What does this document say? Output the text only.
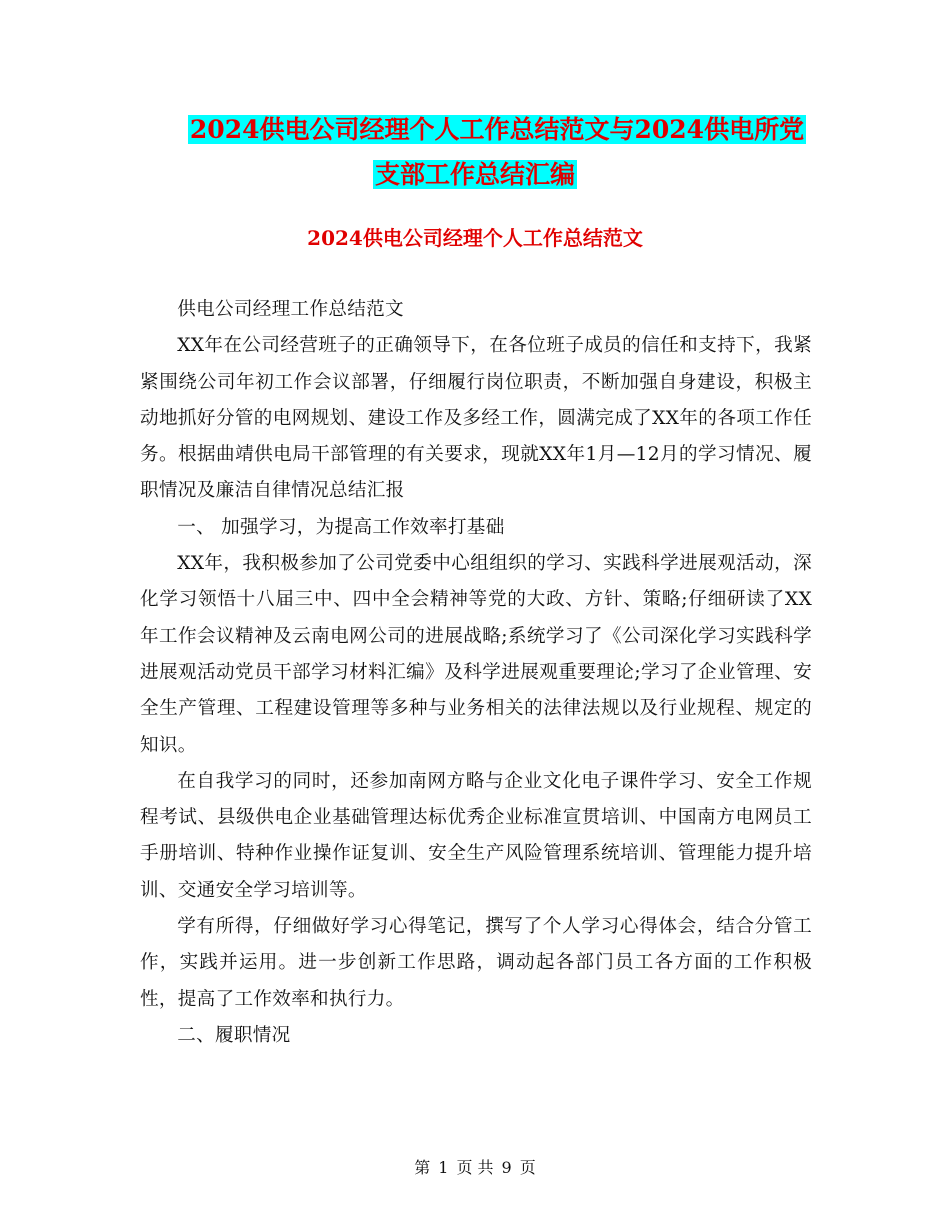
2024供电公司经理个人工作总结范文与2024供电所党
支部工作总结汇编
2024供电公司经理个人工作总结范文

供电公司经理工作总结范文

XX年在公司经营班子的正确领导下，在各位班子成员的信任和支持下，我紧紧围绕公司年初工作会议部署，仔细履行岗位职责，不断加强自身建设，积极主动地抓好分管的电网规划、建设工作及多经工作，圆满完成了XX年的各项工作任务。根据曲靖供电局干部管理的有关要求，现就XX年1月—12月的学习情况、履职情况及廉洁自律情况总结汇报

一、 加强学习，为提高工作效率打基础

XX年，我积极参加了公司党委中心组组织的学习、实践科学进展观活动，深化学习领悟十八届三中、四中全会精神等党的大政、方针、策略;仔细研读了XX年工作会议精神及云南电网公司的进展战略;系统学习了《公司深化学习实践科学进展观活动党员干部学习材料汇编》及科学进展观重要理论;学习了企业管理、安全生产管理、工程建设管理等多种与业务相关的法律法规以及行业规程、规定的知识。

在自我学习的同时，还参加南网方略与企业文化电子课件学习、安全工作规程考试、县级供电企业基础管理达标优秀企业标准宣贯培训、中国南方电网员工手册培训、特种作业操作证复训、安全生产风险管理系统培训、管理能力提升培训、交通安全学习培训等。

学有所得，仔细做好学习心得笔记，撰写了个人学习心得体会，结合分管工作，实践并运用。进一步创新工作思路，调动起各部门员工各方面的工作积极性，提高了工作效率和执行力。

二、履职情况

第 1 页 共 9 页
